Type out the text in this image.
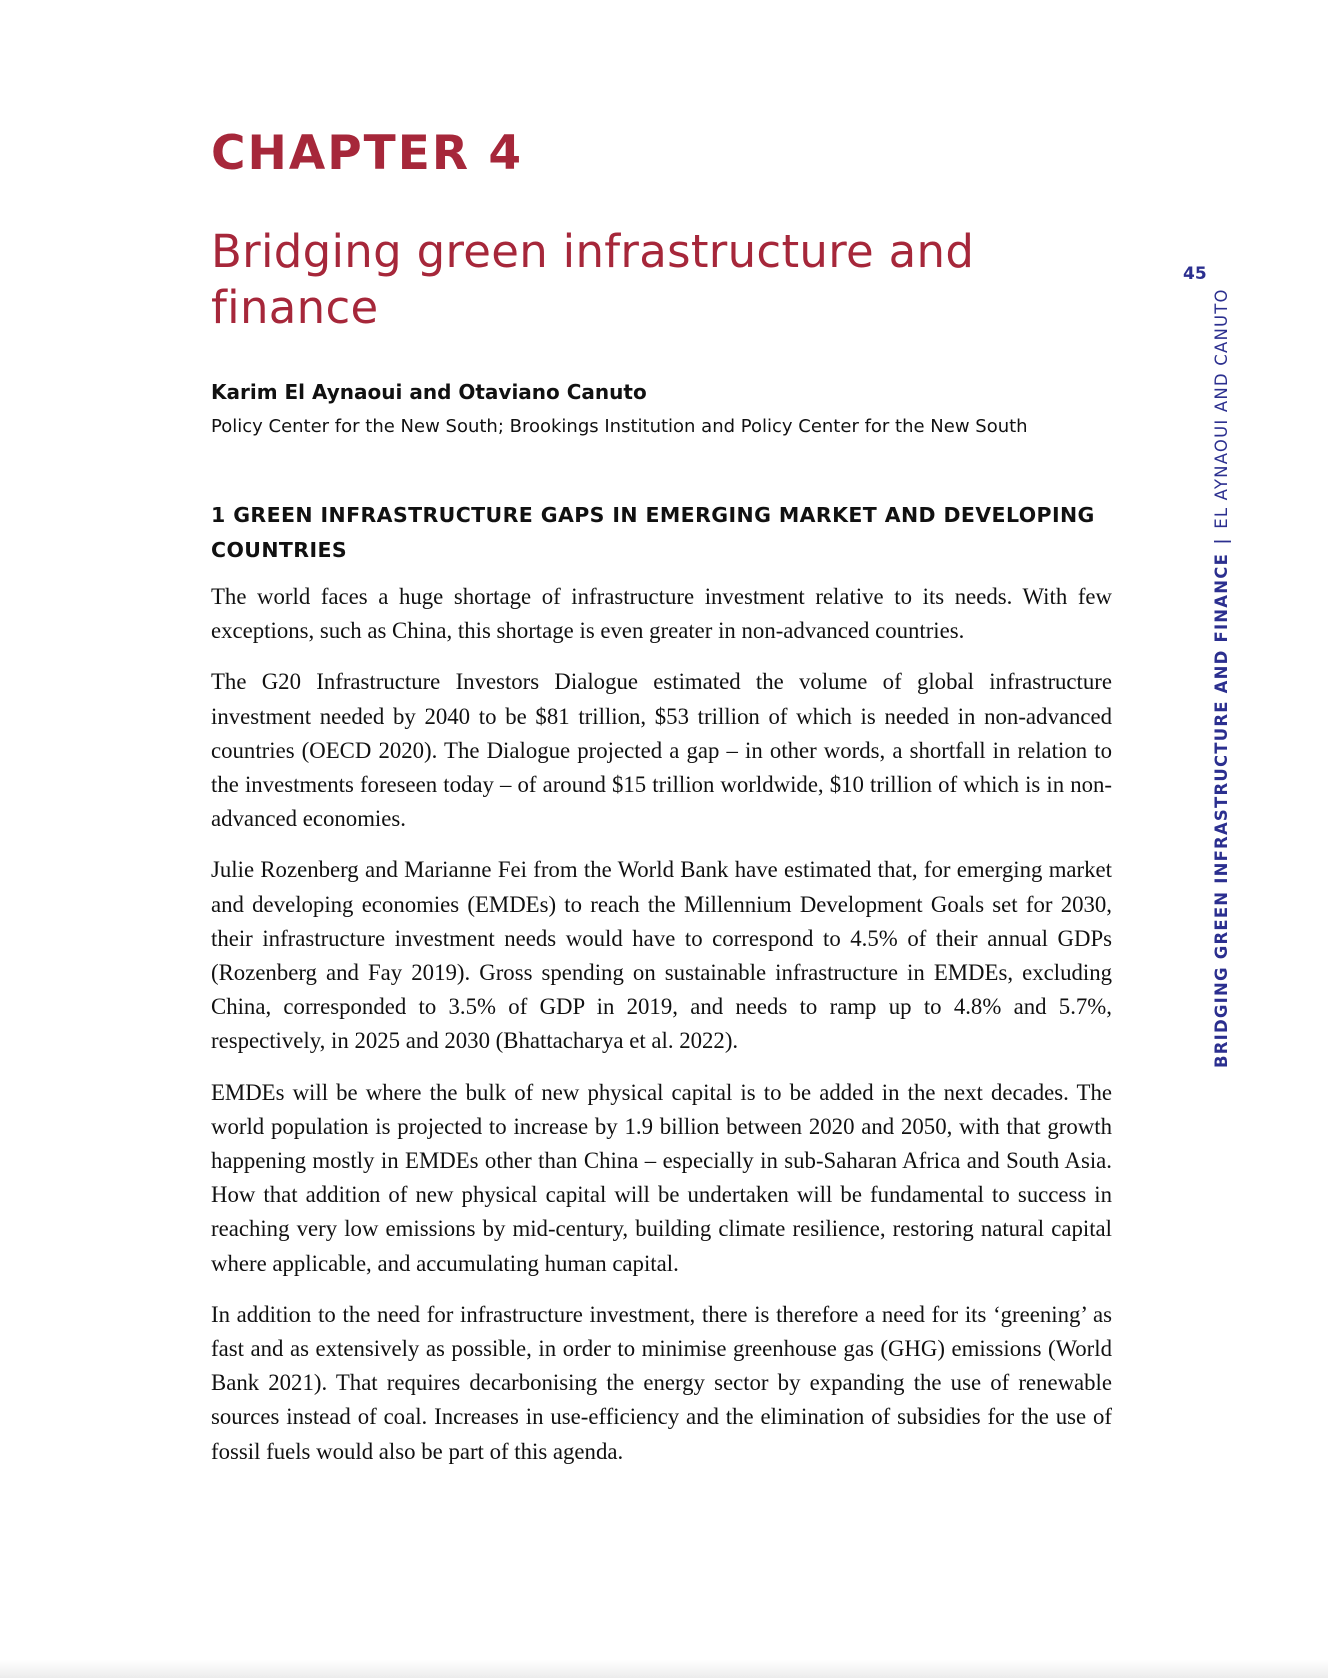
CHAPTER 4
Bridging green infrastructure and finance
Karim El Aynaoui and Otaviano Canuto
Policy Center for the New South; Brookings Institution and Policy Center for the New South
1 GREEN INFRASTRUCTURE GAPS IN EMERGING MARKET AND DEVELOPING COUNTRIES

The world faces a huge shortage of infrastructure investment relative to its needs. With few exceptions, such as China, this shortage is even greater in non-advanced countries.

The G20 Infrastructure Investors Dialogue estimated the volume of global infrastructure investment needed by 2040 to be $81 trillion, $53 trillion of which is needed in non-advanced countries (OECD 2020). The Dialogue projected a gap – in other words, a shortfall in relation to the investments foreseen today – of around $15 trillion worldwide, $10 trillion of which is in non-advanced economies.

Julie Rozenberg and Marianne Fei from the World Bank have estimated that, for emerging market and developing economies (EMDEs) to reach the Millennium Development Goals set for 2030, their infrastructure investment needs would have to correspond to 4.5% of their annual GDPs (Rozenberg and Fay 2019). Gross spending on sustainable infrastructure in EMDEs, excluding China, corresponded to 3.5% of GDP in 2019, and needs to ramp up to 4.8% and 5.7%, respectively, in 2025 and 2030 (Bhattacharya et al. 2022).

EMDEs will be where the bulk of new physical capital is to be added in the next decades. The world population is projected to increase by 1.9 billion between 2020 and 2050, with that growth happening mostly in EMDEs other than China – especially in sub-Saharan Africa and South Asia. How that addition of new physical capital will be undertaken will be fundamental to success in reaching very low emissions by mid-century, building climate resilience, restoring natural capital where applicable, and accumulating human capital.

In addition to the need for infrastructure investment, there is therefore a need for its ‘greening’ as fast and as extensively as possible, in order to minimise greenhouse gas (GHG) emissions (World Bank 2021). That requires decarbonising the energy sector by expanding the use of renewable sources instead of coal. Increases in use-efficiency and the elimination of subsidies for the use of fossil fuels would also be part of this agenda.

45
BRIDGING GREEN INFRASTRUCTURE AND FINANCE | EL AYNAOUI AND CANUTO
